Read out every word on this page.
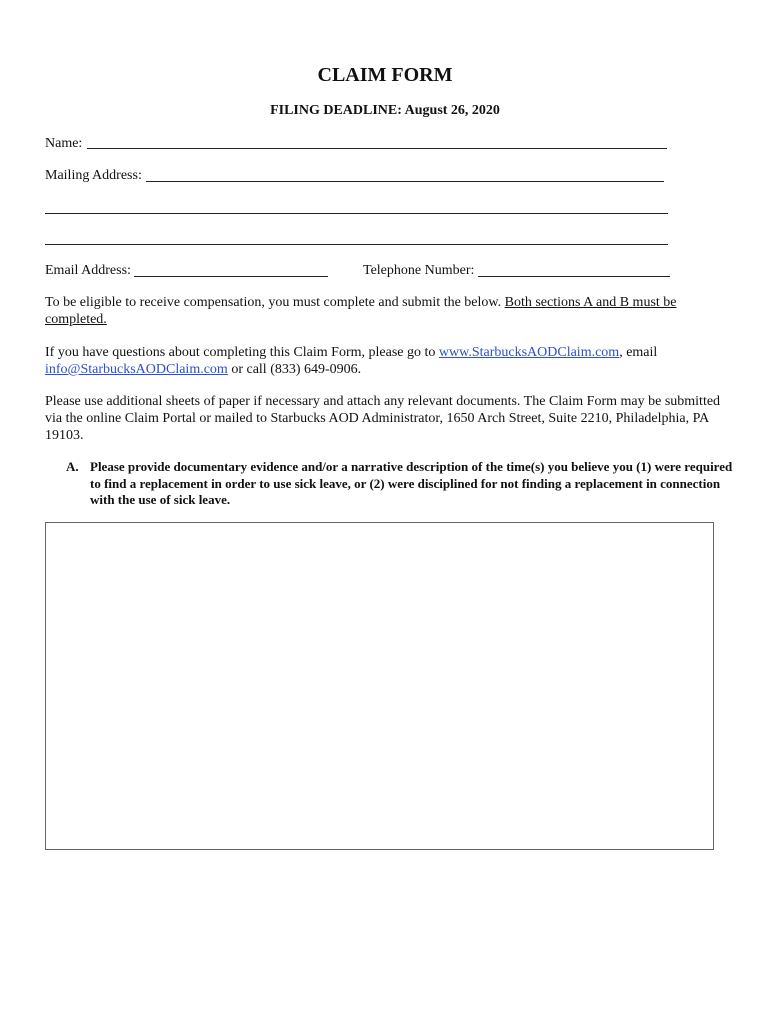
CLAIM FORM
FILING DEADLINE: August 26, 2020
Name:
Mailing Address:
Email Address:	Telephone Number:
To be eligible to receive compensation, you must complete and submit the below. Both sections A and B must be completed.
If you have questions about completing this Claim Form, please go to www.StarbucksAODClaim.com, email info@StarbucksAODClaim.com or call (833) 649-0906.
Please use additional sheets of paper if necessary and attach any relevant documents. The Claim Form may be submitted via the online Claim Portal or mailed to Starbucks AOD Administrator, 1650 Arch Street, Suite 2210, Philadelphia, PA 19103.
A. Please provide documentary evidence and/or a narrative description of the time(s) you believe you (1) were required to find a replacement in order to use sick leave, or (2) were disciplined for not finding a replacement in connection with the use of sick leave.
